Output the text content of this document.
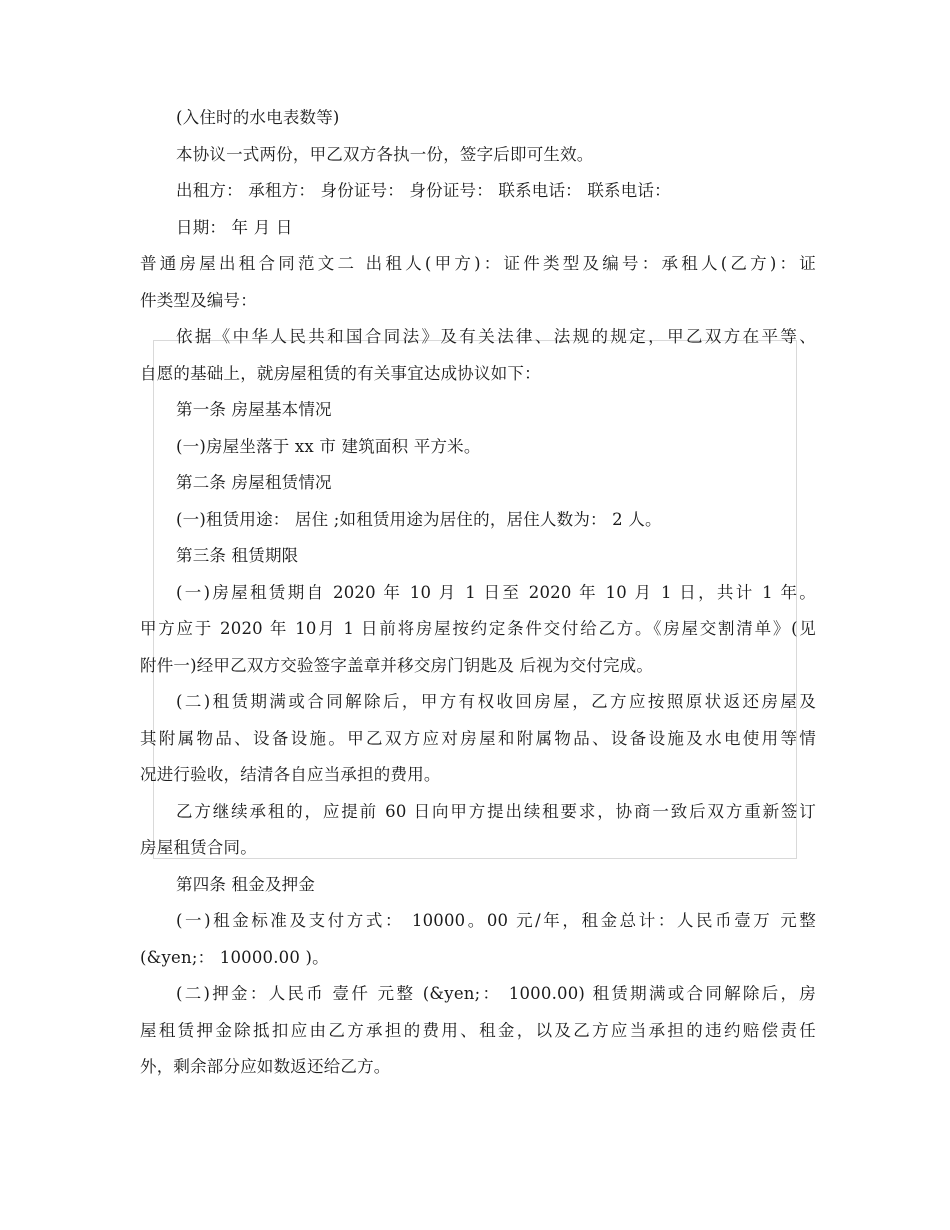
(入住时的水电表数等)
本协议一式两份，甲乙双方各执一份，签字后即可生效。
出租方： 承租方： 身份证号： 身份证号： 联系电话： 联系电话：
日期： 年 月 日
普通房屋出租合同范文二 出租人(甲方)：证件类型及编号：承租人(乙方)：证
件类型及编号：
依据《中华人民共和国合同法》及有关法律、法规的规定，甲乙双方在平等、
自愿的基础上，就房屋租赁的有关事宜达成协议如下：
第一条 房屋基本情况
(一)房屋坐落于 xx 市 建筑面积 平方米。
第二条 房屋租赁情况
(一)租赁用途： 居住 ;如租赁用途为居住的，居住人数为： 2 人。
第三条 租赁期限
(一)房屋租赁期自 2020 年 10 月 1 日至 2020 年 10 月 1 日，共计 1 年。
甲方应于 2020 年 10月 1 日前将房屋按约定条件交付给乙方。《房屋交割清单》(见
附件一)经甲乙双方交验签字盖章并移交房门钥匙及 后视为交付完成。
(二)租赁期满或合同解除后，甲方有权收回房屋，乙方应按照原状返还房屋及
其附属物品、设备设施。甲乙双方应对房屋和附属物品、设备设施及水电使用等情
况进行验收，结清各自应当承担的费用。
乙方继续承租的，应提前 60 日向甲方提出续租要求，协商一致后双方重新签订
房屋租赁合同。
第四条 租金及押金
(一)租金标准及支付方式： 10000。00 元/年，租金总计：人民币壹万 元整
(&yen;： 10000.00 )。
(二)押金：人民币 壹仟 元整 (&yen;： 1000.00) 租赁期满或合同解除后，房
屋租赁押金除抵扣应由乙方承担的费用、租金，以及乙方应当承担的违约赔偿责任
外，剩余部分应如数返还给乙方。
